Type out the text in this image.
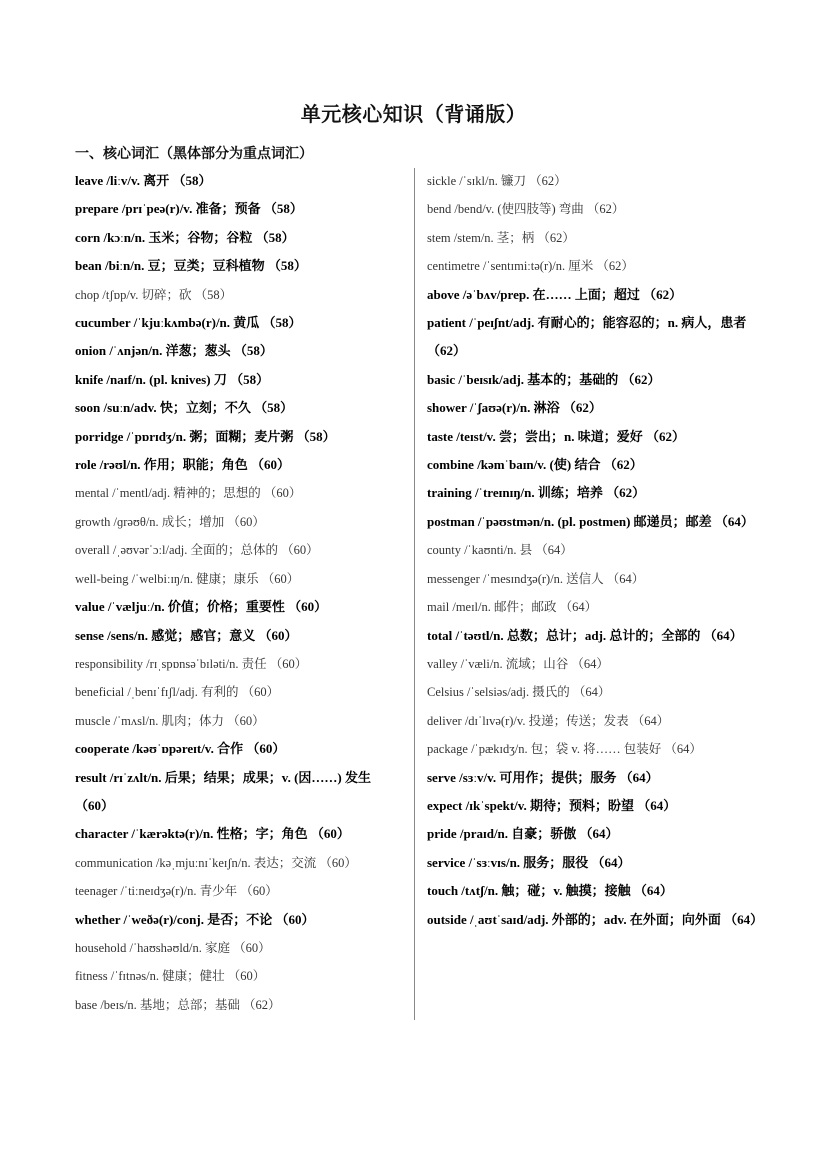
单元核心知识（背诵版）
一、核心词汇（黑体部分为重点词汇）
leave /liːv/v. 离开 （58）
prepare /prɪˈpeə(r)/v. 准备；预备 （58）
corn /kɔːn/n. 玉米；谷物；谷粒 （58）
bean /biːn/n. 豆；豆类；豆科植物 （58）
chop /tʃɒp/v. 切碎；砍 （58）
cucumber /ˈkjuːkʌmbə(r)/n. 黄瓜 （58）
onion /ˈʌnjən/n. 洋葱；葱头 （58）
knife /naɪf/n. (pl. knives) 刀 （58）
soon /suːn/adv. 快；立刻；不久 （58）
porridge /ˈpɒrɪdʒ/n. 粥；面糊；麦片粥 （58）
role /rəʊl/n. 作用；职能；角色 （60）
mental /ˈmentl/adj. 精神的；思想的 （60）
growth /ɡrəʊθ/n. 成长；增加 （60）
overall /ˌəʊvərˈɔːl/adj. 全面的；总体的 （60）
well-being /ˈwelbiːɪŋ/n. 健康；康乐 （60）
value /ˈvæljuː/n. 价值；价格；重要性 （60）
sense /sens/n. 感觉；感官；意义 （60）
responsibility /rɪˌspɒnsəˈbɪləti/n. 责任 （60）
beneficial /ˌbenɪˈfɪʃl/adj. 有利的 （60）
muscle /ˈmʌsl/n. 肌肉；体力 （60）
cooperate /kəʊˈɒpəreɪt/v. 合作 （60）
result /rɪˈzʌlt/n. 后果；结果；成果；v. (因……) 发生 （60）
character /ˈkærəktə(r)/n. 性格；字；角色 （60）
communication /kəˌmjuːnɪˈkeɪʃn/n. 表达；交流 （60）
teenager /ˈtiːneɪdʒə(r)/n. 青少年 （60）
whether /ˈweðə(r)/conj. 是否；不论 （60）
household /ˈhaʊshəʊld/n. 家庭 （60）
fitness /ˈfɪtnəs/n. 健康；健壮 （60）
base /beɪs/n. 基地；总部；基础 （62）
sickle /ˈsɪkl/n. 镰刀 （62）
bend /bend/v. (使四肢等) 弯曲 （62）
stem /stem/n. 茎；柄 （62）
centimetre /ˈsentɪmiːtə(r)/n. 厘米 （62）
above /əˈbʌv/prep. 在…… 上面；超过 （62）
patient /ˈpeɪʃnt/adj. 有耐心的；能容忍的；n. 病人，患者 （62）
basic /ˈbeɪsɪk/adj. 基本的；基础的 （62）
shower /ˈʃaʊə(r)/n. 淋浴 （62）
taste /teɪst/v. 尝；尝出；n. 味道；爱好 （62）
combine /kəmˈbaɪn/v. (使) 结合 （62）
training /ˈtreɪnɪŋ/n. 训练；培养 （62）
postman /ˈpəʊstmən/n. (pl. postmen) 邮递员；邮差 （64）
county /ˈkaʊnti/n. 县 （64）
messenger /ˈmesɪndʒə(r)/n. 送信人 （64）
mail /meɪl/n. 邮件；邮政 （64）
total /ˈtəʊtl/n. 总数；总计；adj. 总计的；全部的 （64）
valley /ˈvæli/n. 流域；山谷 （64）
Celsius /ˈselsiəs/adj. 摄氏的 （64）
deliver /dɪˈlɪvə(r)/v. 投递；传送；发表 （64）
package /ˈpækɪdʒ/n. 包；袋 v. 将…… 包装好 （64）
serve /sɜːv/v. 可用作；提供；服务 （64）
expect /ɪkˈspekt/v. 期待；预料；盼望 （64）
pride /praɪd/n. 自豪；骄傲 （64）
service /ˈsɜːvɪs/n. 服务；服役 （64）
touch /tʌtʃ/n. 触；碰；v. 触摸；接触 （64）
outside /ˌaʊtˈsaɪd/adj. 外部的；adv. 在外面；向外面 （64）
